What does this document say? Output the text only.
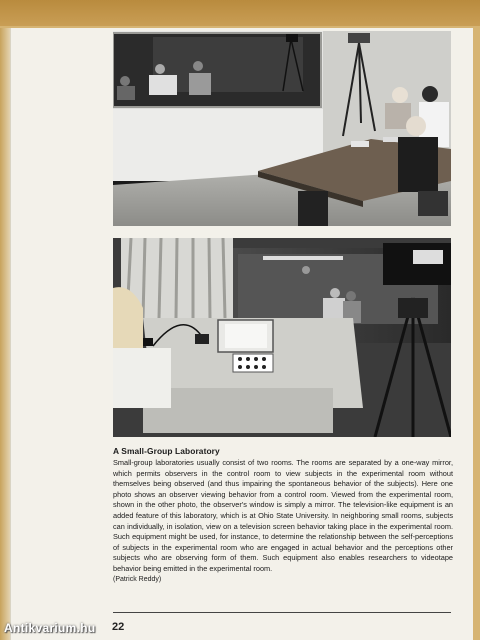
A Small-Group Laboratory

Small-group laboratories usually consist of two rooms. The rooms are separated by a one-way mirror, which permits observers in the control room to view subjects in the experimental room without themselves being observed (and thus impairing the spontaneous behavior of the subjects). Here one photo shows an observer viewing behavior from a control room. Viewed from the experimental room, shown in the other photo, the observer's window is simply a mirror. The television-like equipment is an added feature of this laboratory, which is at Ohio State University. In neighboring small rooms, subjects can individually, in isolation, view on a television screen behavior taking place in the experimental room. Such equipment might be used, for instance, to determine the relationship between the self-perceptions of subjects in the experimental room who are engaged in actual behavior and the perceptions other subjects who are observing form of them. Such equipment also enables researchers to videotape behavior being emitted in the experimental room.
(Patrick Reddy)

22
Antikvarium.hu
